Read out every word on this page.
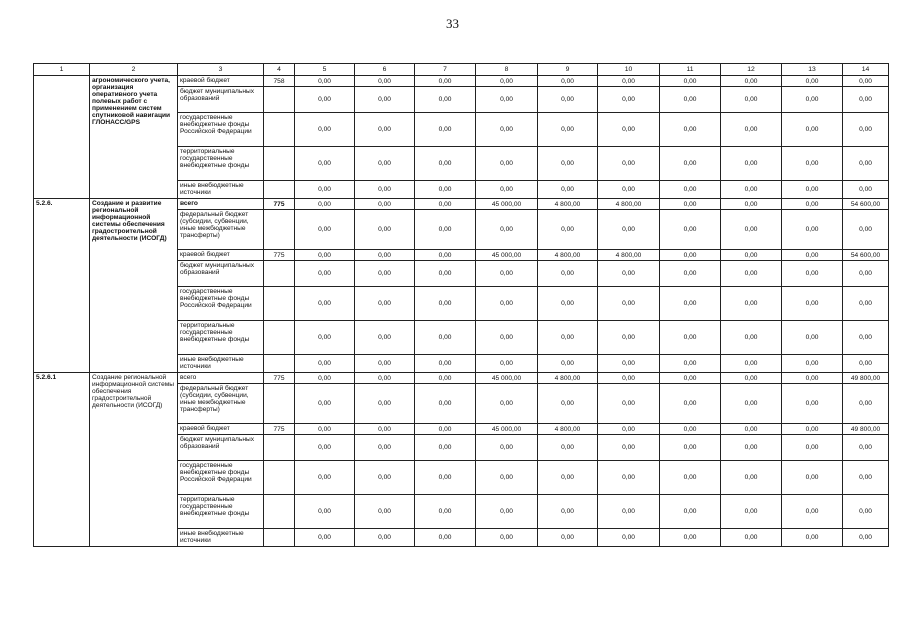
33
1	2	3	4	5	6	7	8	9	10	11	12	13	14
	агрономического учета, организация оперативного учета полевых работ с применением систем спутниковой навигации ГЛОНАСС/GPS	краевой бюджет	758	0,00	0,00	0,00	0,00	0,00	0,00	0,00	0,00	0,00	0,00
		бюджет муниципальных образований		0,00	0,00	0,00	0,00	0,00	0,00	0,00	0,00	0,00	0,00
		государственные внебюджетные фонды Российской Федерации		0,00	0,00	0,00	0,00	0,00	0,00	0,00	0,00	0,00	0,00
		территориальные государственные внебюджетные фонды		0,00	0,00	0,00	0,00	0,00	0,00	0,00	0,00	0,00	0,00
		иные внебюджетные источники		0,00	0,00	0,00	0,00	0,00	0,00	0,00	0,00	0,00	0,00
5.2.6.	Создание и развитие региональной информационной системы обеспечения градостроительной деятельности (ИСОГД)	всего	775	0,00	0,00	0,00	45 000,00	4 800,00	4 800,00	0,00	0,00	0,00	54 600,00
		федеральный бюджет (субсидии, субвенции, иные межбюджетные трансферты)		0,00	0,00	0,00	0,00	0,00	0,00	0,00	0,00	0,00	0,00
		краевой бюджет	775	0,00	0,00	0,00	45 000,00	4 800,00	4 800,00	0,00	0,00	0,00	54 600,00
		бюджет муниципальных образований		0,00	0,00	0,00	0,00	0,00	0,00	0,00	0,00	0,00	0,00
		государственные внебюджетные фонды Российской Федерации		0,00	0,00	0,00	0,00	0,00	0,00	0,00	0,00	0,00	0,00
		территориальные государственные внебюджетные фонды		0,00	0,00	0,00	0,00	0,00	0,00	0,00	0,00	0,00	0,00
		иные внебюджетные источники		0,00	0,00	0,00	0,00	0,00	0,00	0,00	0,00	0,00	0,00
5.2.6.1	Создание региональной информационной системы обеспечения градостроительной деятельности (ИСОГД)	всего	775	0,00	0,00	0,00	45 000,00	4 800,00	0,00	0,00	0,00	0,00	49 800,00
		федеральный бюджет (субсидии, субвенции, иные межбюджетные трансферты)		0,00	0,00	0,00	0,00	0,00	0,00	0,00	0,00	0,00	0,00
		краевой бюджет	775	0,00	0,00	0,00	45 000,00	4 800,00	0,00	0,00	0,00	0,00	49 800,00
		бюджет муниципальных образований		0,00	0,00	0,00	0,00	0,00	0,00	0,00	0,00	0,00	0,00
		государственные внебюджетные фонды Российской Федерации		0,00	0,00	0,00	0,00	0,00	0,00	0,00	0,00	0,00	0,00
		территориальные государственные внебюджетные фонды		0,00	0,00	0,00	0,00	0,00	0,00	0,00	0,00	0,00	0,00
		иные внебюджетные источники		0,00	0,00	0,00	0,00	0,00	0,00	0,00	0,00	0,00	0,00
